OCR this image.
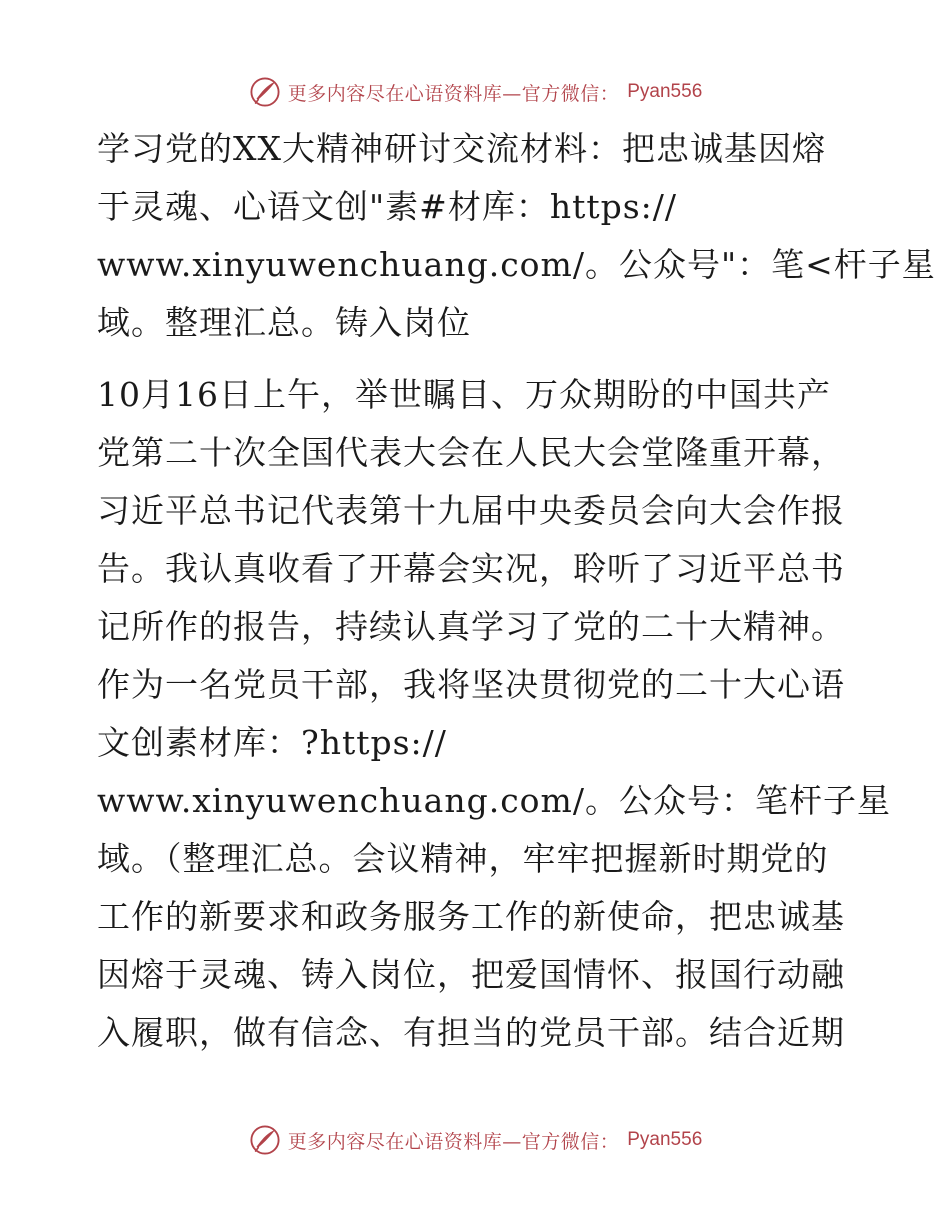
更多内容尽在心语资料库—官方微信： Pyan556
学习党的XX大精神研讨交流材料：把忠诚基因熔
于灵魂、心语文创"素#材库：https://
www.xinyuwenchuang.com/。公众号"：笔<杆子星
域。整理汇总。铸入岗位
10月16日上午，举世瞩目、万众期盼的中国共产
党第二十次全国代表大会在人民大会堂隆重开幕，
习近平总书记代表第十九届中央委员会向大会作报
告。我认真收看了开幕会实况，聆听了习近平总书
记所作的报告，持续认真学习了党的二十大精神。
作为一名党员干部，我将坚决贯彻党的二十大心语
文创素材库：?https://
www.xinyuwenchuang.com/。公众号：笔杆子星
域。（整理汇总。会议精神，牢牢把握新时期党的
工作的新要求和政务服务工作的新使命，把忠诚基
因熔于灵魂、铸入岗位，把爱国情怀、报国行动融
入履职，做有信念、有担当的党员干部。结合近期
更多内容尽在心语资料库—官方微信： Pyan556
